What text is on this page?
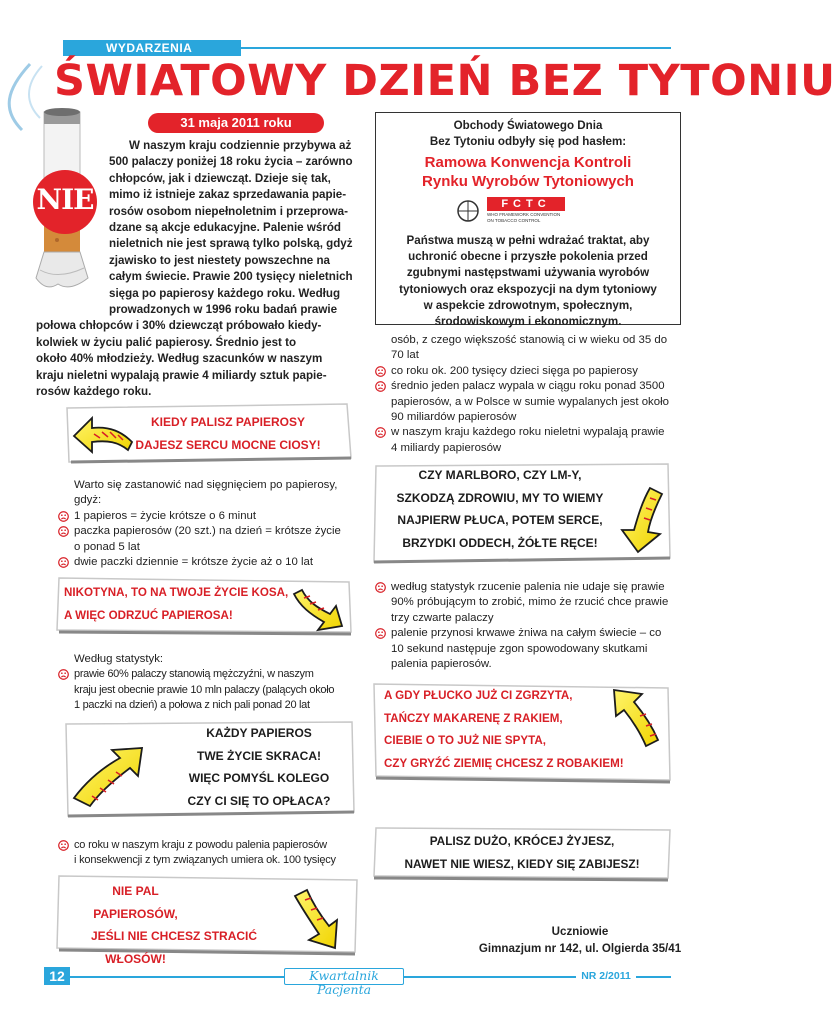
WYDARZENIA
ŚWIATOWY DZIEŃ BEZ TYTONIU
NIE
31 maja 2011 roku
W naszym kraju codziennie przybywa aż
500 palaczy poniżej 18 roku życia – zarówno
chłopców, jak i dziewcząt. Dzieje się tak,
mimo iż istnieje zakaz sprzedawania papie-
rosów osobom niepełnoletnim i przeprowa-
dzane są akcje edukacyjne. Palenie wśród
nieletnich nie jest sprawą tylko polską, gdyż
zjawisko to jest niestety powszechne na
całym świecie. Prawie 200 tysięcy nieletnich
sięga po papierosy każdego roku. Według
prowadzonych w 1996 roku badań prawie
połowa chłopców i 30% dziewcząt próbowało kiedy-
kolwiek w życiu palić papierosy. Średnio jest to
około 40% młodzieży. Według szacunków w naszym
kraju nieletni wypalają prawie 4 miliardy sztuk papie-
rosów każdego roku.
Obchody Światowego Dnia
Bez Tytoniu odbyły się pod hasłem:
Ramowa Konwencja Kontroli
Rynku Wyrobów Tytoniowych
FCTC
WHO FRAMEWORK CONVENTION
ON TOBACCO CONTROL
Państwa muszą w pełni wdrażać traktat, aby
uchronić obecne i przyszłe pokolenia przed
zgubnymi następstwami używania wyrobów
tytoniowych oraz ekspozycji na dym tytoniowy
w aspekcie zdrowotnym, społecznym,
środowiskowym i ekonomicznym.
KIEDY PALISZ PAPIEROSY
DAJESZ SERCU MOCNE CIOSY!
Warto się zastanowić nad sięgnięciem po papierosy,
gdyż:
1 papieros = życie krótsze o 6 minut
paczka papierosów (20 szt.) na dzień = krótsze życie
o ponad 5 lat
dwie paczki dziennie = krótsze życie aż o 10 lat
NIKOTYNA, TO NA TWOJE ŻYCIE KOSA,
A WIĘC ODRZUĆ PAPIEROSA!
Według statystyk:
prawie 60% palaczy stanowią mężczyźni, w naszym
kraju jest obecnie prawie 10 mln palaczy (palących około
1 paczki na dzień) a połowa z nich pali ponad 20 lat
KAŻDY PAPIEROS
TWE ŻYCIE SKRACA!
WIĘC POMYŚL KOLEGO
CZY CI SIĘ TO OPŁACA?
co roku w naszym kraju z powodu palenia papierosów
i konsekwencji z tym związanych umiera ok. 100 tysięcy
NIE PAL PAPIEROSÓW,
JEŚLI NIE CHCESZ STRACIĆ
WŁOSÓW!
osób, z czego większość stanowią ci w wieku od 35 do
70 lat
co roku ok. 200 tysięcy dzieci sięga po papierosy
średnio jeden palacz wypala w ciągu roku ponad 3500
papierosów, a w Polsce w sumie wypalanych jest około
90 miliardów papierosów
w naszym kraju każdego roku nieletni wypalają prawie
4 miliardy papierosów
CZY MARLBORO, CZY LM-Y,
SZKODZĄ ZDROWIU, MY TO WIEMY
NAJPIERW PŁUCA, POTEM SERCE,
BRZYDKI ODDECH, ŻÓŁTE RĘCE!
według statystyk rzucenie palenia nie udaje się prawie
90% próbującym to zrobić, mimo że rzucić chce prawie
trzy czwarte palaczy
palenie przynosi krwawe żniwa na całym świecie – co
10 sekund następuje zgon spowodowany skutkami
palenia papierosów.
A GDY PŁUCKO JUŻ CI ZGRZYTA,
TAŃCZY MAKARENĘ Z RAKIEM,
CIEBIE O TO JUŻ NIE SPYTA,
CZY GRYŹĆ ZIEMIĘ CHCESZ Z ROBAKIEM!
PALISZ DUŻO, KRÓCEJ ŻYJESZ,
NAWET NIE WIESZ, KIEDY SIĘ ZABIJESZ!
Uczniowie
Gimnazjum nr 142, ul. Olgierda 35/41
12	Kwartalnik Pacjenta
NR 2/2011
